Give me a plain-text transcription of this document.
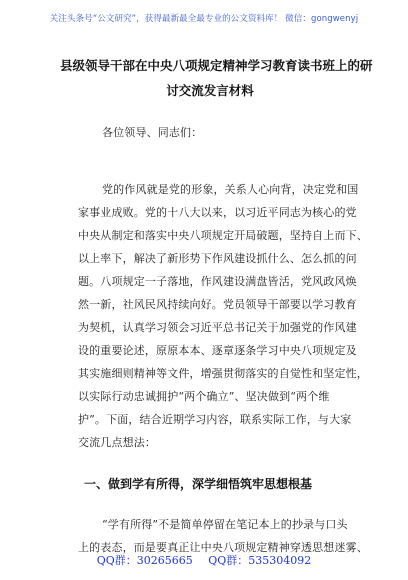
关注头条号“公文研究”，获得最新最全最专业的公文资料库！ 微信：gongwenyj
县级领导干部在中央八项规定精神学习教育读书班上的研
讨交流发言材料
各位领导、同志们：
党的作风就是党的形象，关系人心向背，决定党和国
家事业成败。党的十八大以来，以习近平同志为核心的党
中央从制定和落实中央八项规定开局破题，坚持自上而下、
以上率下，解决了新形势下作风建设抓什么、怎么抓的问
题。八项规定一子落地，作风建设满盘皆活，党风政风焕
然一新，社风民风持续向好。党员领导干部要以学习教育
为契机，认真学习领会习近平总书记关于加强党的作风建
设的重要论述，原原本本、逐章逐条学习中央八项规定及
其实施细则精神等文件，增强贯彻落实的自觉性和坚定性，
以实际行动忠诚拥护“两个确立”、坚决做到“两个维
护”。下面，结合近期学习内容，联系实际工作，与大家
交流几点想法：
一、做到学有所得，深学细悟筑牢思想根基
“学有所得”不是简单停留在笔记本上的抄录与口头
QQ群：30265665 QQ群：535304092
上的表态，而是要真正让中央八项规定精神穿透思想迷雾、
